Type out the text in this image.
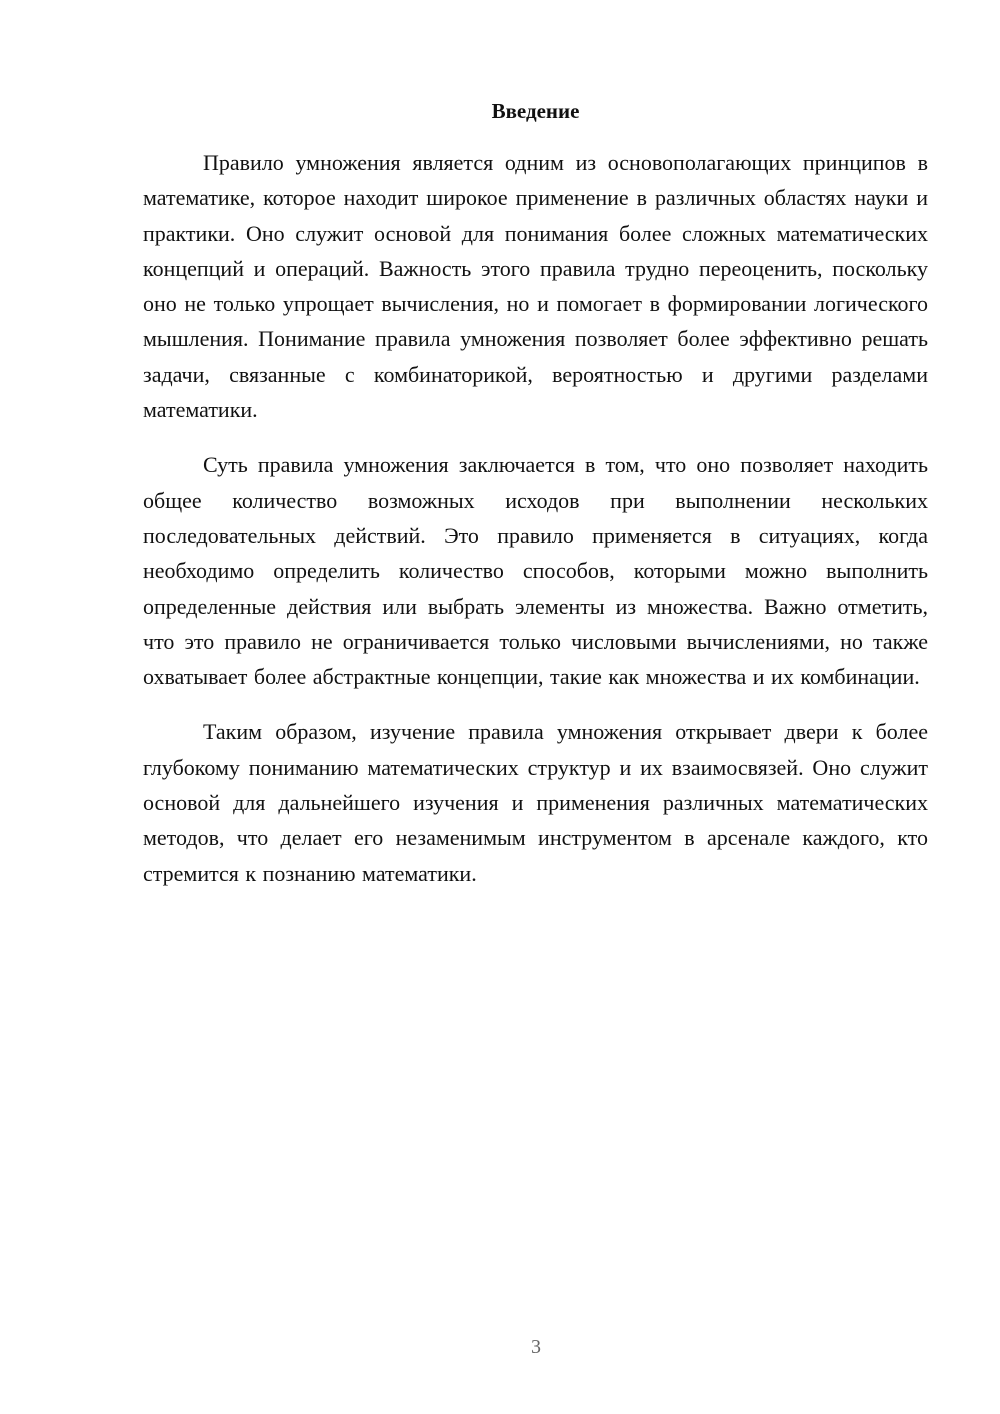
Введение

Правило умножения является одним из основополагающих принципов в математике, которое находит широкое применение в различных областях науки и практики. Оно служит основой для понимания более сложных математических концепций и операций. Важность этого правила трудно переоценить, поскольку оно не только упрощает вычисления, но и помогает в формировании логического мышления. Понимание правила умножения позволяет более эффективно решать задачи, связанные с комбинаторикой, вероятностью и другими разделами математики.

Суть правила умножения заключается в том, что оно позволяет находить общее количество возможных исходов при выполнении нескольких последовательных действий. Это правило применяется в ситуациях, когда необходимо определить количество способов, которыми можно выполнить определенные действия или выбрать элементы из множества. Важно отметить, что это правило не ограничивается только числовыми вычислениями, но также охватывает более абстрактные концепции, такие как множества и их комбинации.

Таким образом, изучение правила умножения открывает двери к более глубокому пониманию математических структур и их взаимосвязей. Оно служит основой для дальнейшего изучения и применения различных математических методов, что делает его незаменимым инструментом в арсенале каждого, кто стремится к познанию математики.

3
